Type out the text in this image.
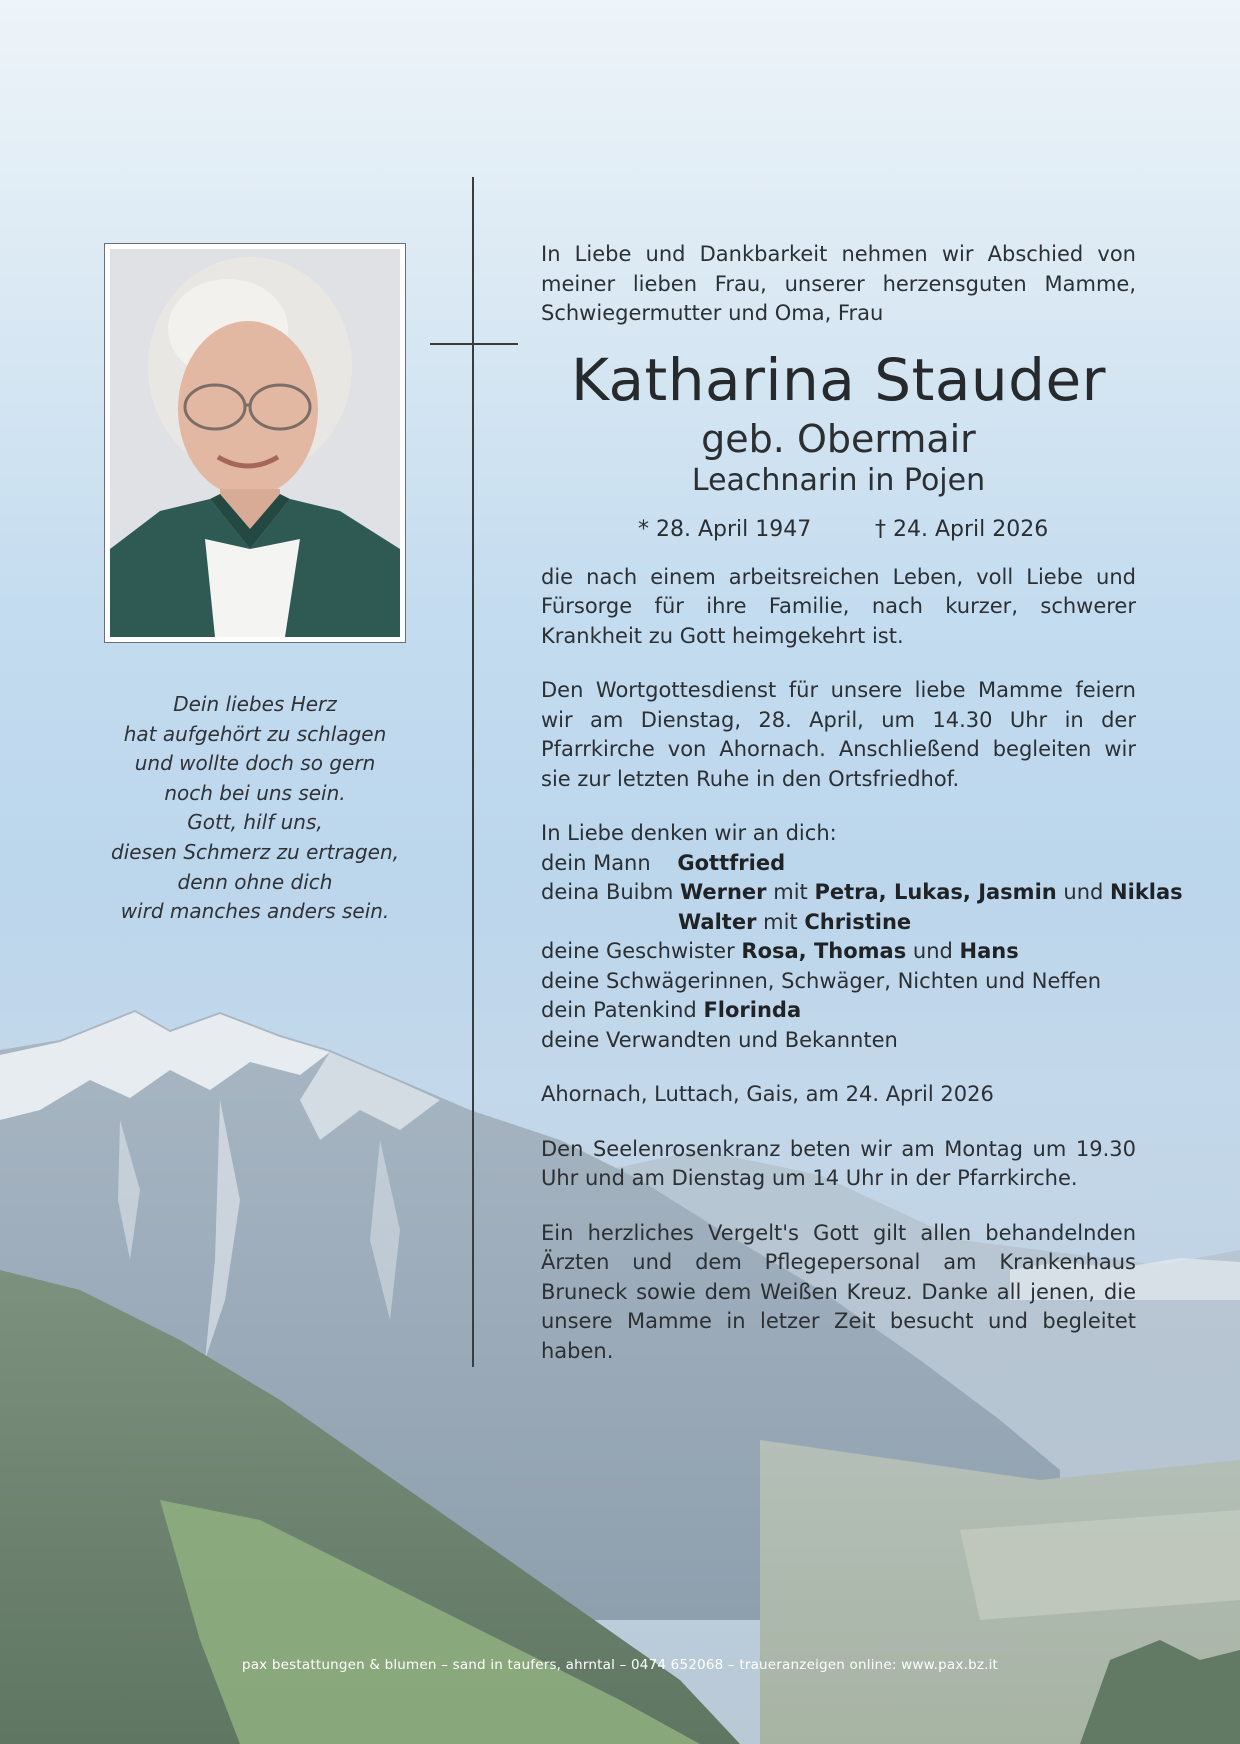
Dein liebes Herz
hat aufgehört zu schlagen
und wollte doch so gern
noch bei uns sein.
Gott, hilf uns,
diesen Schmerz zu ertragen,
denn ohne dich
wird manches anders sein.

In Liebe und Dankbarkeit nehmen wir Abschied von meiner lieben Frau, unserer herzensguten Mamme, Schwiegermutter und Oma, Frau

Katharina Stauder
geb. Obermair
Leachnarin in Pojen
* 28. April 1947	† 24. April 2026

die nach einem arbeitsreichen Leben, voll Liebe und Fürsorge für ihre Familie, nach kurzer, schwerer Krankheit zu Gott heimgekehrt ist.

Den Wortgottesdienst für unsere liebe Mamme feiern wir am Dienstag, 28. April, um 14.30 Uhr in der Pfarrkirche von Ahornach. Anschließend begleiten wir sie zur letzten Ruhe in den Ortsfriedhof.

In Liebe denken wir an dich:
dein Mann Gottfried
deina Buibm Werner mit Petra, Lukas, Jasmin und Niklas
Walter mit Christine
deine Geschwister Rosa, Thomas und Hans
deine Schwägerinnen, Schwäger, Nichten und Neffen
dein Patenkind Florinda
deine Verwandten und Bekannten

Ahornach, Luttach, Gais, am 24. April 2026

Den Seelenrosenkranz beten wir am Montag um 19.30 Uhr und am Dienstag um 14 Uhr in der Pfarrkirche.

Ein herzliches Vergelt's Gott gilt allen behandelnden Ärzten und dem Pflegepersonal am Krankenhaus Bruneck sowie dem Weißen Kreuz. Danke all jenen, die unsere Mamme in letzer Zeit besucht und begleitet haben.

pax bestattungen & blumen – sand in taufers, ahrntal – 0474 652068 – traueranzeigen online: www.pax.bz.it
